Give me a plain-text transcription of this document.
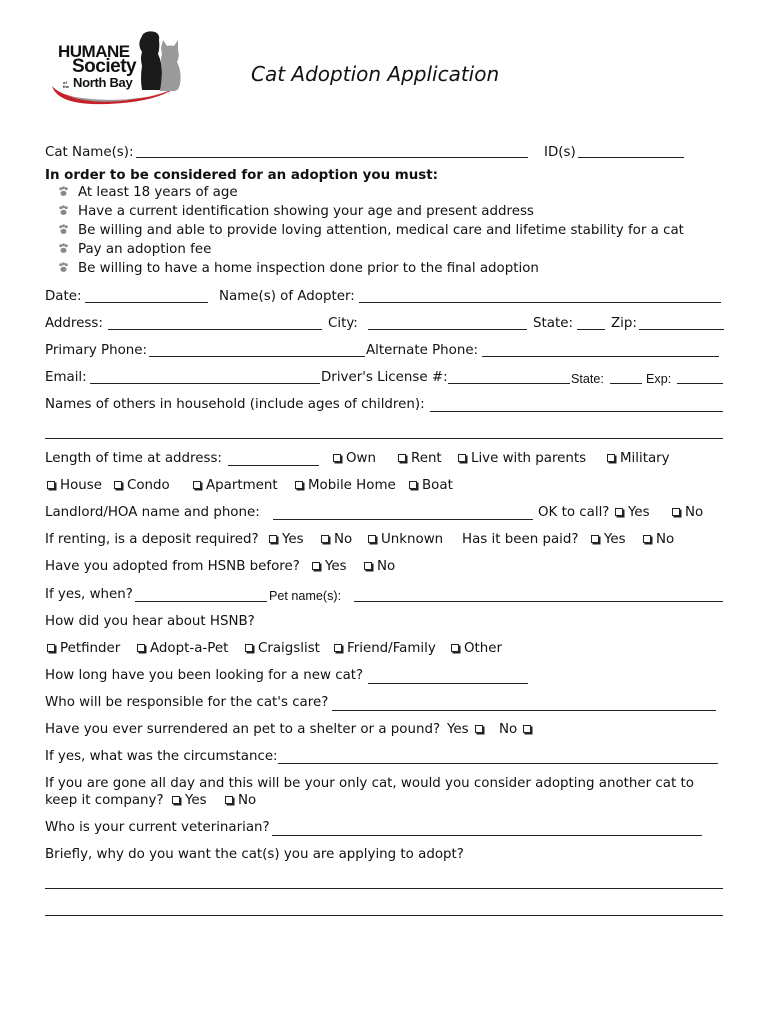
HUMANE
Society
of the North Bay	Cat Adoption Application
Cat Name(s):	ID(s)
In order to be considered for an adoption you must:
At least 18 years of age
Have a current identification showing your age and present address
Be willing and able to provide loving attention, medical care and lifetime stability for a cat
Pay an adoption fee
Be willing to have a home inspection done prior to the final adoption
Date:	Name(s) of Adopter:
Address:	City:	State:	Zip:
Primary Phone:	Alternate Phone:
Email:	Driver's License #:	State:	Exp:
Names of others in household (include ages of children):
Length of time at address:	Own	Rent	Live with parents	Military
House	Condo	Apartment	Mobile Home	Boat
Landlord/HOA name and phone:	OK to call?	Yes	No
If renting, is a deposit required?	Yes	No	Unknown Has it been paid?	Yes	No
Have you adopted from HSNB before?	Yes	No
If yes, when?	Pet name(s):
How did you hear about HSNB?
Petfinder	Adopt-a-Pet	Craigslist	Friend/Family	Other
How long have you been looking for a new cat?
Who will be responsible for the cat's care?
Have you ever surrendered an pet to a shelter or a pound? Yes	No
If yes, what was the circumstance:
If you are gone all day and this will be your only cat, would you consider adopting another cat to
keep it company?	Yes	No
Who is your current veterinarian?
Briefly, why do you want the cat(s) you are applying to adopt?
